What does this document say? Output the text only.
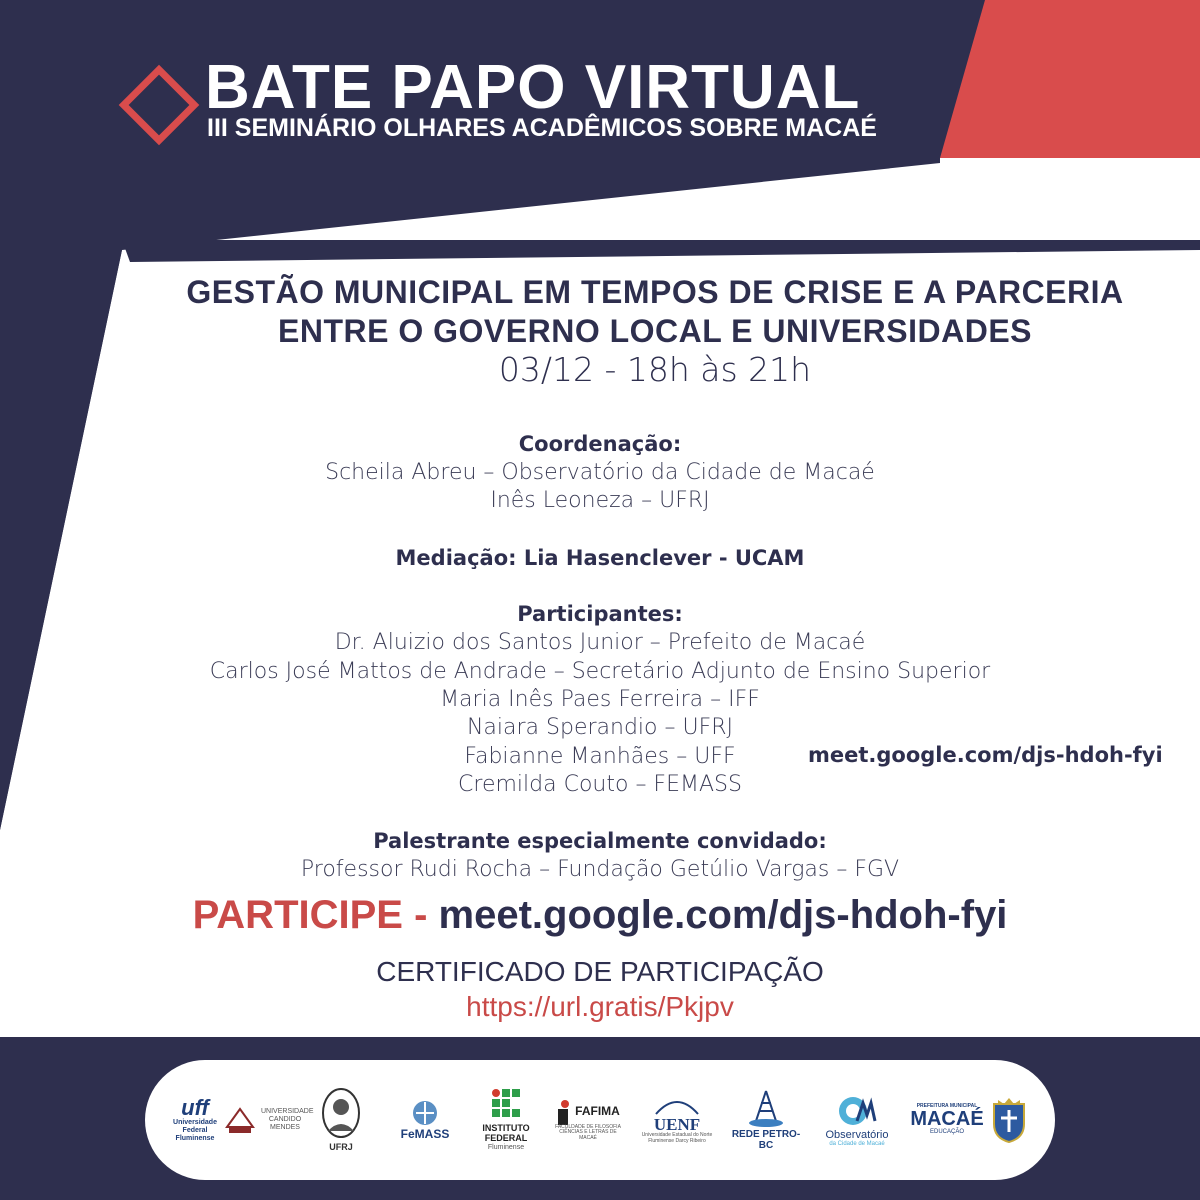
BATE PAPO VIRTUAL
III SEMINÁRIO OLHARES ACADÊMICOS SOBRE MACAÉ
GESTÃO MUNICIPAL EM TEMPOS DE CRISE E A PARCERIA
ENTRE O GOVERNO LOCAL E UNIVERSIDADES
03/12 - 18h às 21h
Coordenação:
Scheila Abreu – Observatório da Cidade de Macaé
Inês Leoneza – UFRJ
Mediação: Lia Hasenclever - UCAM
Participantes:
Dr. Aluizio dos Santos Junior – Prefeito de Macaé
Carlos José Mattos de Andrade – Secretário Adjunto de Ensino Superior
Maria Inês Paes Ferreira – IFF
Naiara Sperandio – UFRJ
Fabianne Manhães – UFF
Cremilda Couto – FEMASS
meet.google.com/djs-hdoh-fyi
Palestrante especialmente convidado:
Professor Rudi Rocha – Fundação Getúlio Vargas – FGV
PARTICIPE - meet.google.com/djs-hdoh-fyi
CERTIFICADO DE PARTICIPAÇÃO
https://url.gratis/Pkjpv
uff
Universidade Federal Fluminense
UNIVERSIDADE CANDIDO MENDES
UFRJ
FeMASS	INSTITUTO FEDERAL
Fluminense
FAFIMA
FACULDADE DE FILOSOFIA CIÊNCIAS E LETRAS DE MACAÉ
UENF
Universidade Estadual do Norte Fluminense Darcy Ribeiro
REDE PETRO-BC
Observatório
da Cidade de Macaé
PREFEITURA MUNICIPAL
MACAÉ
EDUCAÇÃO
